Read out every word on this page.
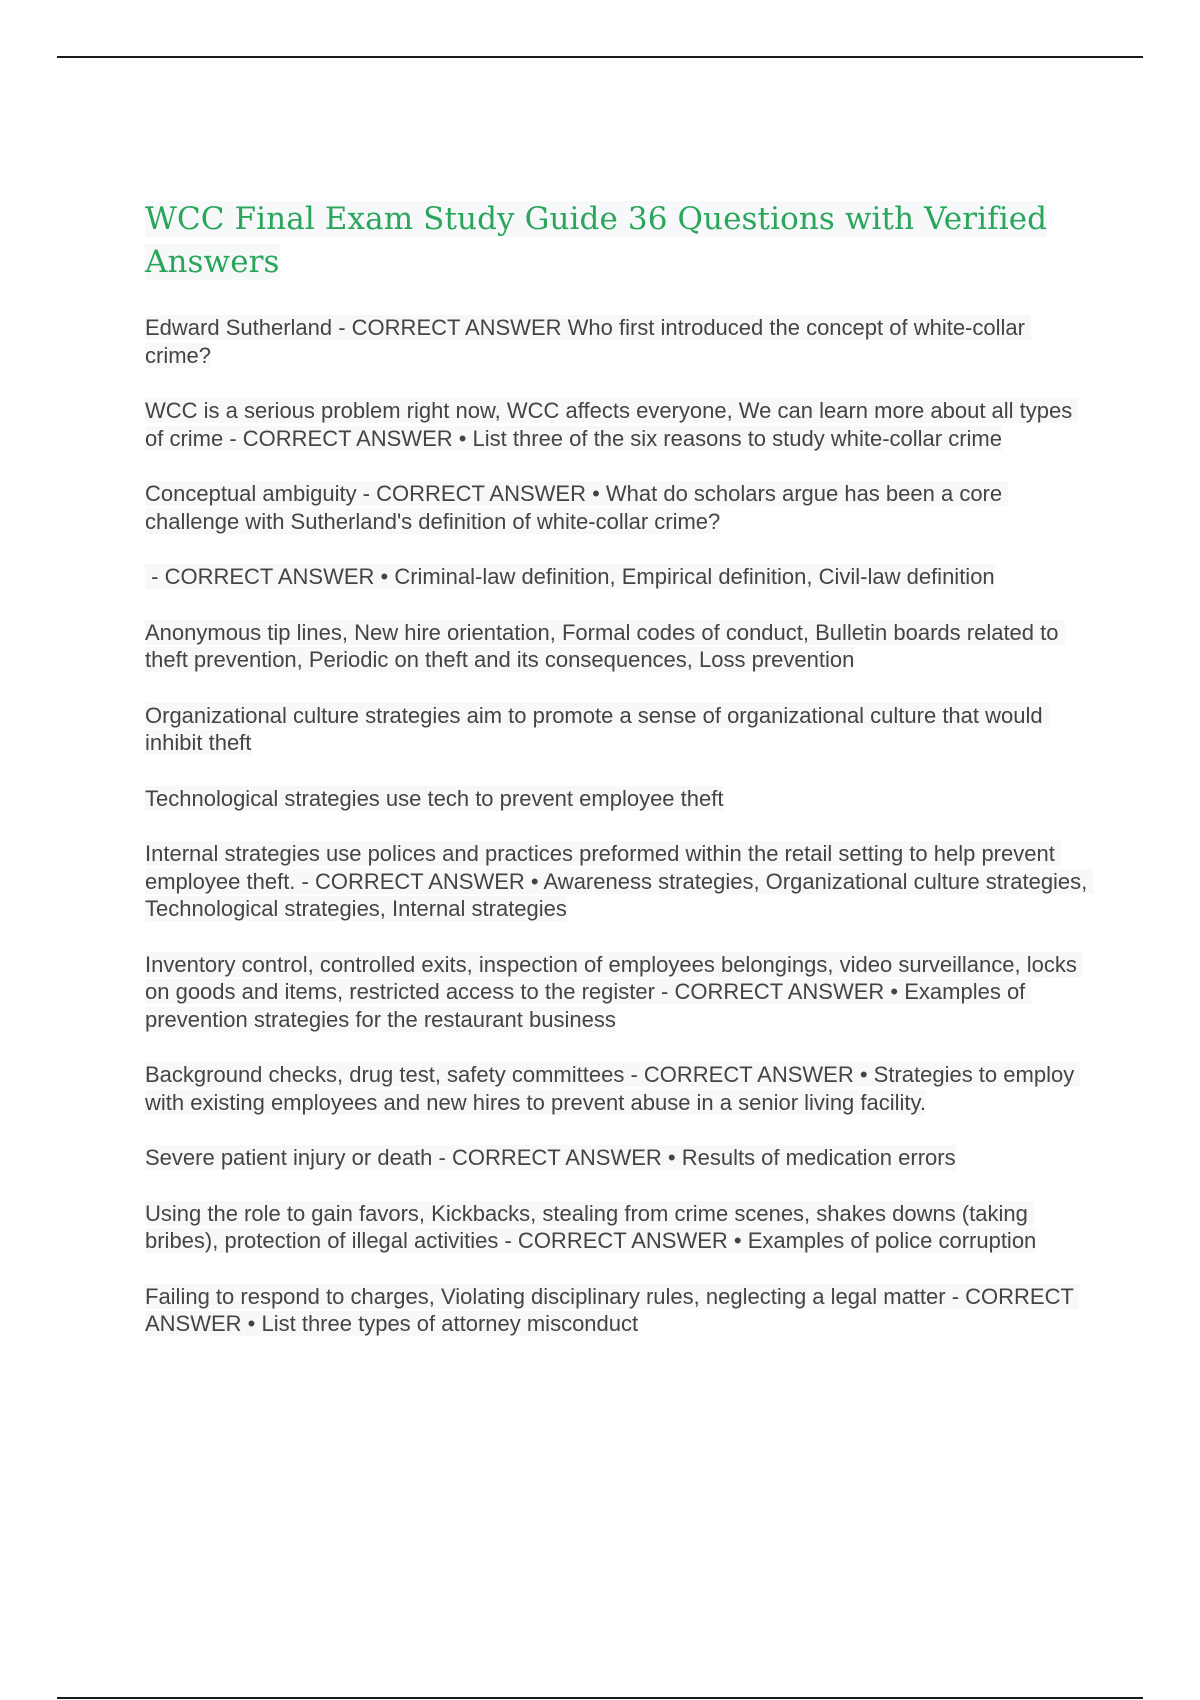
WCC Final Exam Study Guide 36 Questions with Verified Answers

Edward Sutherland - CORRECT ANSWER Who first introduced the concept of white-collar crime?

WCC is a serious problem right now, WCC affects everyone, We can learn more about all types of crime - CORRECT ANSWER • List three of the six reasons to study white-collar crime

Conceptual ambiguity - CORRECT ANSWER • What do scholars argue has been a core challenge with Sutherland's definition of white-collar crime?

- CORRECT ANSWER • Criminal-law definition, Empirical definition, Civil-law definition

Anonymous tip lines, New hire orientation, Formal codes of conduct, Bulletin boards related to theft prevention, Periodic on theft and its consequences, Loss prevention

Organizational culture strategies aim to promote a sense of organizational culture that would inhibit theft

Technological strategies use tech to prevent employee theft

Internal strategies use polices and practices preformed within the retail setting to help prevent employee theft. - CORRECT ANSWER • Awareness strategies, Organizational culture strategies, Technological strategies, Internal strategies

Inventory control, controlled exits, inspection of employees belongings, video surveillance, locks on goods and items, restricted access to the register - CORRECT ANSWER • Examples of prevention strategies for the restaurant business

Background checks, drug test, safety committees - CORRECT ANSWER • Strategies to employ with existing employees and new hires to prevent abuse in a senior living facility.

Severe patient injury or death - CORRECT ANSWER • Results of medication errors

Using the role to gain favors, Kickbacks, stealing from crime scenes, shakes downs (taking bribes), protection of illegal activities - CORRECT ANSWER • Examples of police corruption

Failing to respond to charges, Violating disciplinary rules, neglecting a legal matter - CORRECT ANSWER • List three types of attorney misconduct
